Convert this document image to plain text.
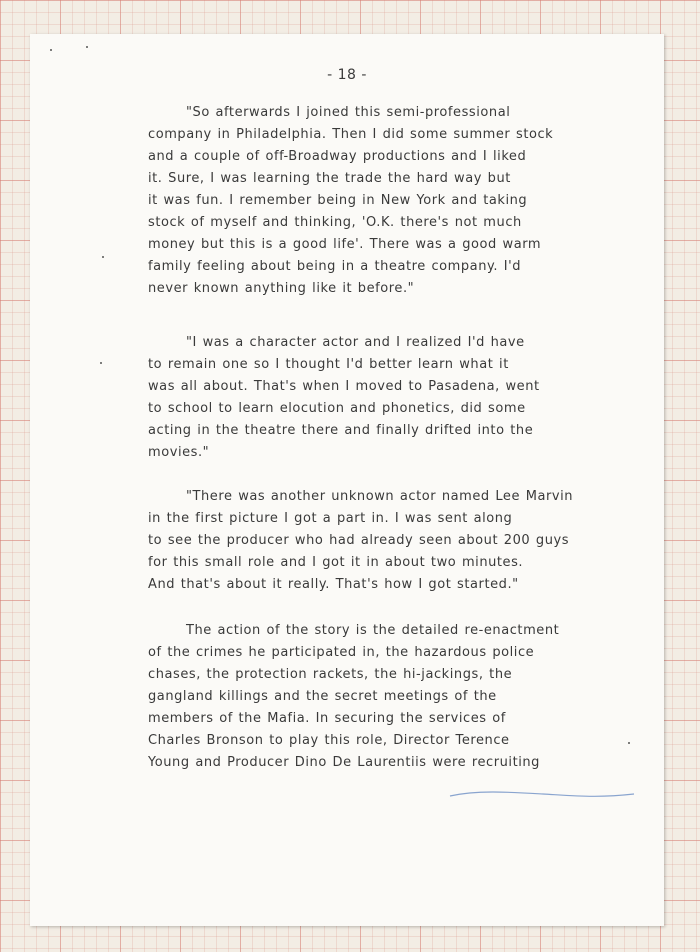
- 18 -
"So afterwards I joined this semi-professional
company in Philadelphia. Then I did some summer stock
and a couple of off-Broadway productions and I liked
it. Sure, I was learning the trade the hard way but
it was fun. I remember being in New York and taking
stock of myself and thinking, 'O.K. there's not much
money but this is a good life'. There was a good warm
family feeling about being in a theatre company. I'd
never known anything like it before."
"I was a character actor and I realized I'd have
to remain one so I thought I'd better learn what it
was all about. That's when I moved to Pasadena, went
to school to learn elocution and phonetics, did some
acting in the theatre there and finally drifted into the
movies."
"There was another unknown actor named Lee Marvin
in the first picture I got a part in. I was sent along
to see the producer who had already seen about 200 guys
for this small role and I got it in about two minutes.
And that's about it really. That's how I got started."
The action of the story is the detailed re-enactment
of the crimes he participated in, the hazardous police
chases, the protection rackets, the hi-jackings, the
gangland killings and the secret meetings of the
members of the Mafia. In securing the services of
Charles Bronson to play this role, Director Terence
Young and Producer Dino De Laurentiis were recruiting
